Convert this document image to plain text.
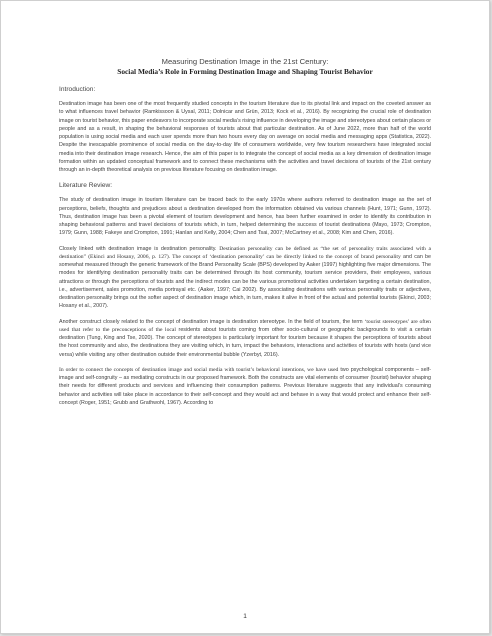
Measuring Destination Image in the 21st Century:
Social Media’s Role in Forming Destination Image and Shaping Tourist Behavior
Introduction:

Destination image has been one of the most frequently studied concepts in the tourism literature due to its pivotal link and impact on the coveted answer as to what influences travel behavior (Ramkissoon & Uysal, 2011; Dolnicar and Grün, 2013; Kock et al., 2016). By recognizing the crucial role of destination image on tourist behavior, this paper endeavors to incorporate social media’s rising influence in developing the image and stereotypes about certain places or people and as a result, in shaping the behavioral responses of tourists about that particular destination. As of June 2022, more than half of the world population is using social media and each user spends more than two hours every day on average on social media and messaging apps (Statistica, 2022). Despite the inescapable prominence of social media on the day-to-day life of consumers worldwide, very few tourism researchers have integrated social media into their destination image research. Hence, the aim of this paper is to integrate the concept of social media as a key dimension of destination image formation within an updated conceptual framework and to connect these mechanisms with the activities and travel decisions of tourists of the 21st century through an in-depth theoretical analysis on previous literature focusing on destination image.

Literature Review:

The study of destination image in tourism literature can be traced back to the early 1970s where authors referred to destination image as the set of perceptions, beliefs, thoughts and prejudices about a destination developed from the information obtained via various channels (Hunt, 1971; Gunn, 1972). Thus, destination image has been a pivotal element of tourism development and hence, has been further examined in order to identify its contribution in shaping behavioral patterns and travel decisions of tourists which, in turn, helped determining the success of tourist destinations (Mayo, 1973; Crompton, 1979; Gunn, 1988; Fakeye and Crompton, 1991; Hanlan and Kelly, 2004; Chen and Tsai, 2007; McCartney et al., 2008; Kim and Chen, 2016).

Closely linked with destination image is destination personality. Destination personality can be defined as “the set of personality traits associated with a destination” (Ekinci and Hosany, 2006, p. 127). The concept of ‘destination personality’ can be directly linked to the concept of brand personality and can be somewhat measured through the generic framework of the Brand Personality Scale (BPS) developed by Aaker (1997) highlighting five major dimensions. The modes for identifying destination personality traits can be determined through its host community, tourism service providers, their employees, various attractions or through the perceptions of tourists and the indirect modes can be the various promotional activities undertaken targeting a certain destination, i.e., advertisement, sales promotion, media portrayal etc. (Aaker, 1997; Cai 2002). By associating destinations with various personality traits or adjectives, destination personality brings out the softer aspect of destination image which, in turn, makes it alive in front of the actual and potential tourists (Ekinci, 2003; Hosany et al., 2007).

Another construct closely related to the concept of destination image is destination stereotype. In the field of tourism, the term ‘tourist stereotypes’ are often used that refer to the preconceptions of the local residents about tourists coming from other socio-cultural or geographic backgrounds to visit a certain destination (Tung, King and Tse, 2020). The concept of stereotypes is particularly important for tourism because it shapes the perceptions of tourists about the host community and also, the destinations they are visiting which, in turn, impact the behaviors, interactions and activities of tourists with hosts (and vice versa) while visiting any other destination outside their environmental bubble (Yzerbyt, 2016).

In order to connect the concepts of destination image and social media with tourist’s behavioral intentions, we have used two psychological components – self-image and self-congruity – as mediating constructs in our proposed framework. Both the constructs are vital elements of consumer (tourist) behavior shaping their needs for different products and services and influencing their consumption patterns. Previous literature suggests that any individual’s consuming behavior and activities will take place in accordance to their self-concept and they would act and behave in a way that would protect and enhance their self-concept (Roger, 1951; Grubb and Grathwohl, 1967). According to

1
